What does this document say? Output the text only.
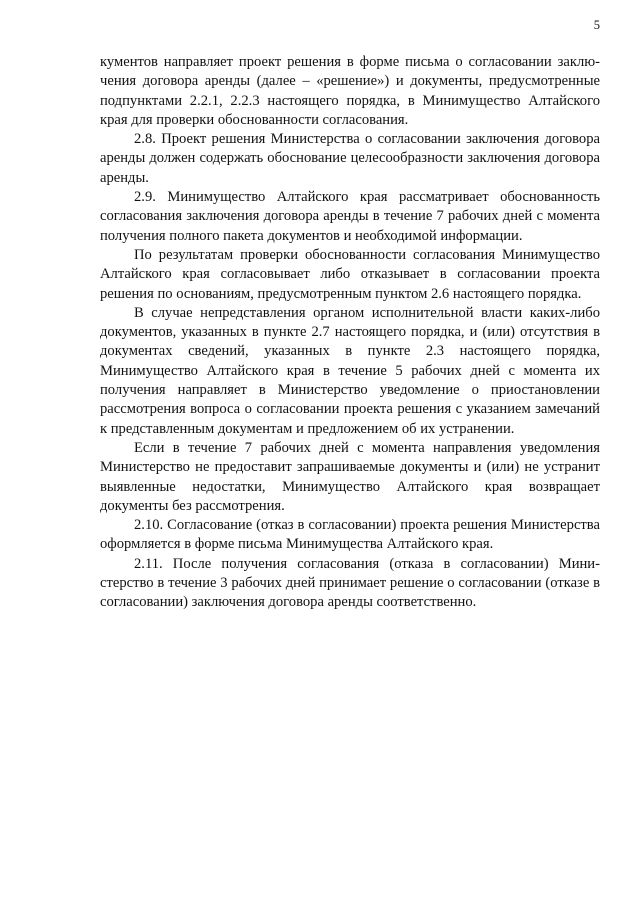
5

кументов направляет проект решения в форме письма о согласовании заключения договора аренды (далее – «решение») и документы, предусмотренные подпунктами 2.2.1, 2.2.3 настоящего порядка, в Минимущество Алтайского края для проверки обоснованности согласования.

2.8. Проект решения Министерства о согласовании заключения договора аренды должен содержать обоснование целесообразности заключения договора аренды.

2.9. Минимущество Алтайского края рассматривает обоснованность согласования заключения договора аренды в течение 7 рабочих дней с момента получения полного пакета документов и необходимой информации.

По результатам проверки обоснованности согласования Минимущество Алтайского края согласовывает либо отказывает в согласовании проекта решения по основаниям, предусмотренным пунктом 2.6 настоящего порядка.

В случае непредставления органом исполнительной власти каких-либо документов, указанных в пункте 2.7 настоящего порядка, и (или) отсутствия в документах сведений, указанных в пункте 2.3 настоящего порядка, Минимущество Алтайского края в течение 5 рабочих дней с момента их получения направляет в Министерство уведомление о приостановлении рассмотрения вопроса о согласовании проекта решения с указанием замечаний к представленным документам и предложением об их устранении.

Если в течение 7 рабочих дней с момента направления уведомления Министерство не предоставит запрашиваемые документы и (или) не устранит выявленные недостатки, Минимущество Алтайского края возвращает документы без рассмотрения.

2.10. Согласование (отказ в согласовании) проекта решения Министерства оформляется в форме письма Минимущества Алтайского края.

2.11. После получения согласования (отказа в согласовании) Министерство в течение 3 рабочих дней принимает решение о согласовании (отказе в согласовании) заключения договора аренды соответственно.
